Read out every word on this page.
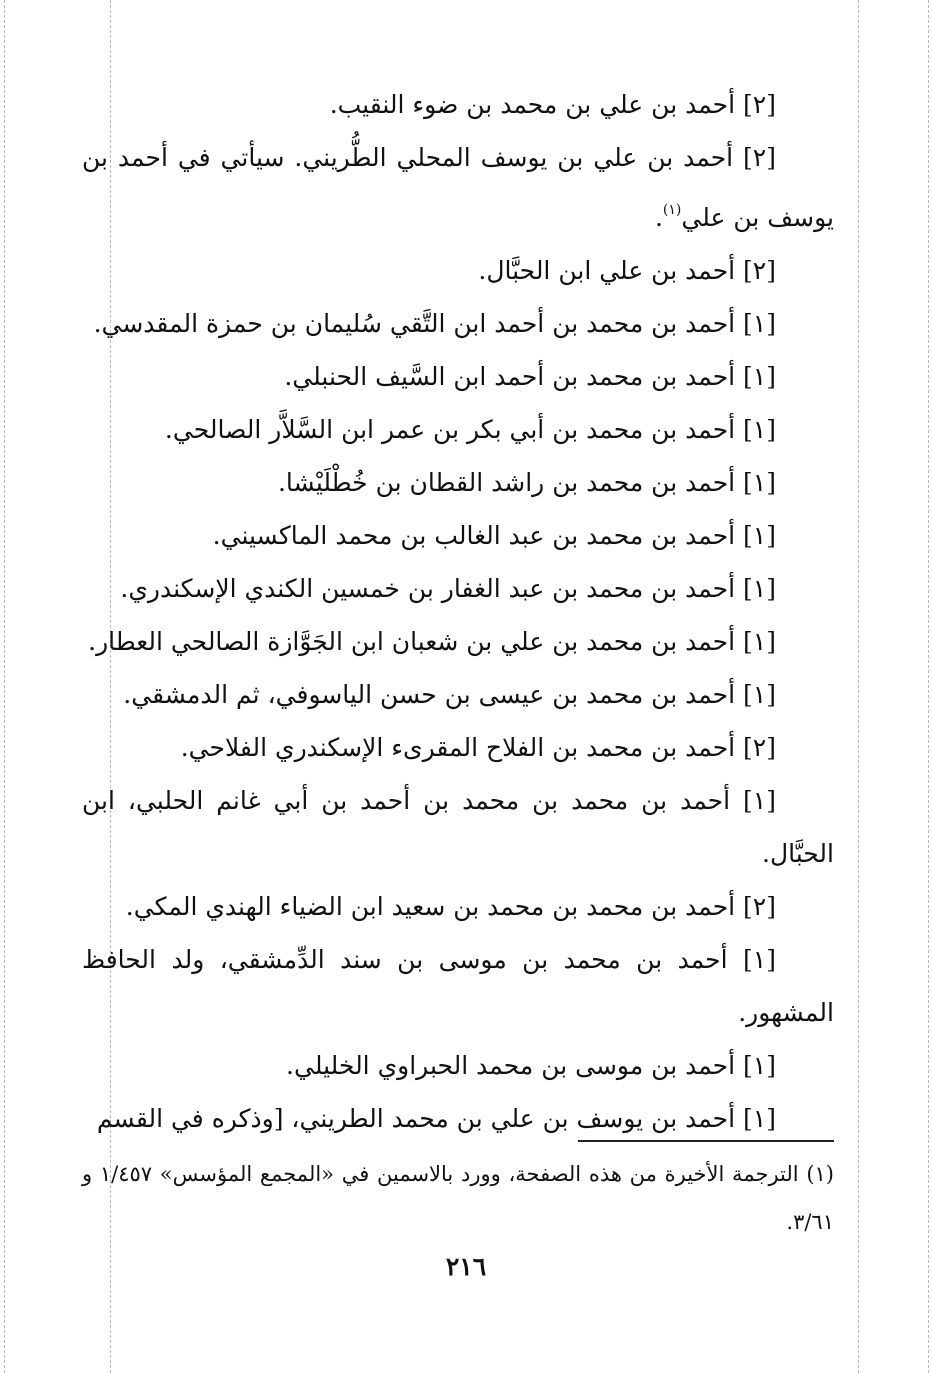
[٢] أحمد بن علي بن محمد بن ضوء النقيب.
[٢] أحمد بن علي بن يوسف المحلي الطُّريني. سيأتي في أحمد بن يوسف بن علي$^{(١)}$.
[٢] أحمد بن علي ابن الحبَّال.
[١] أحمد بن محمد بن أحمد ابن التَّقي سُليمان بن حمزة المقدسي.
[١] أحمد بن محمد بن أحمد ابن السَّيف الحنبلي.
[١] أحمد بن محمد بن أبي بكر بن عمر ابن السَّلاَّر الصالحي.
[١] أحمد بن محمد بن راشد القطان بن خُطْلَيْشا.
[١] أحمد بن محمد بن عبد الغالب بن محمد الماكسيني.
[١] أحمد بن محمد بن عبد الغفار بن خمسين الكندي الإسكندري.
[١] أحمد بن محمد بن علي بن شعبان ابن الجَوَّازة الصالحي العطار.
[١] أحمد بن محمد بن عيسى بن حسن الياسوفي، ثم الدمشقي.
[٢] أحمد بن محمد بن الفلاح المقرىء الإسكندري الفلاحي.
[١] أحمد بن محمد بن محمد بن أحمد بن أبي غانم الحلبي، ابن الحبَّال.
[٢] أحمد بن محمد بن محمد بن سعيد ابن الضياء الهندي المكي.
[١] أحمد بن محمد بن موسى بن سند الدِّمشقي، ولد الحافظ المشهور.
[١] أحمد بن موسى بن محمد الحبراوي الخليلي.
[١] أحمد بن يوسف بن علي بن محمد الطريني، [وذكره في القسم
(١) الترجمة الأخيرة من هذه الصفحة، وورد بالاسمين في «المجمع المؤسس» ١/٤٥٧ و ٣/٦١.
٢١٦
